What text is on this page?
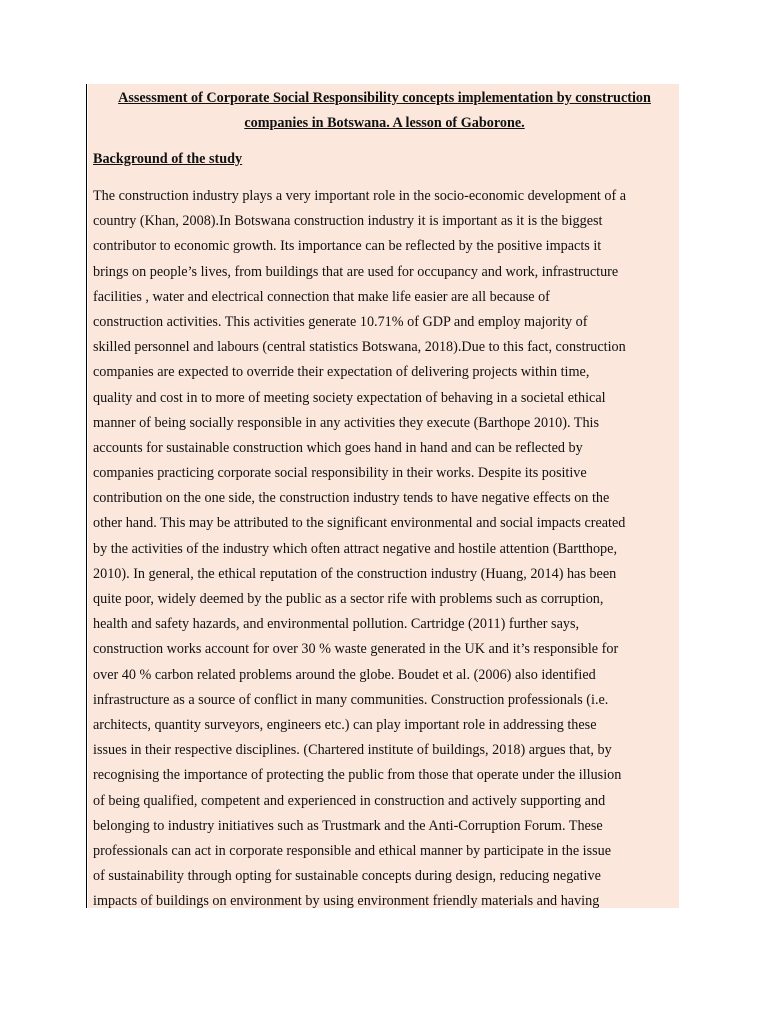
Assessment of Corporate Social Responsibility concepts implementation by construction companies in Botswana. A lesson of Gaborone.

Background of the study

The construction industry plays a very important role in the socio-economic development of a
country (Khan, 2008).In Botswana construction industry it is important as it is the biggest
contributor to economic growth. Its importance can be reflected by the positive impacts it
brings on people’s lives, from buildings that are used for occupancy and work, infrastructure
facilities , water and electrical connection that make life easier are all because of
construction activities. This activities generate 10.71% of GDP and employ majority of
skilled personnel and labours (central statistics Botswana, 2018).Due to this fact, construction
companies are expected to override their expectation of delivering projects within time,
quality and cost in to more of meeting society expectation of behaving in a societal ethical
manner of being socially responsible in any activities they execute (Barthope 2010). This
accounts for sustainable construction which goes hand in hand and can be reflected by
companies practicing corporate social responsibility in their works. Despite its positive
contribution on the one side, the construction industry tends to have negative effects on the
other hand. This may be attributed to the significant environmental and social impacts created
by the activities of the industry which often attract negative and hostile attention (Bartthope,
2010). In general, the ethical reputation of the construction industry (Huang, 2014) has been
quite poor, widely deemed by the public as a sector rife with problems such as corruption,
health and safety hazards, and environmental pollution. Cartridge (2011) further says,
construction works account for over 30 % waste generated in the UK and it’s responsible for
over 40 % carbon related problems around the globe. Boudet et al. (2006) also identified
infrastructure as a source of conflict in many communities. Construction professionals (i.e.
architects, quantity surveyors, engineers etc.) can play important role in addressing these
issues in their respective disciplines. (Chartered institute of buildings, 2018) argues that, by
recognising the importance of protecting the public from those that operate under the illusion
of being qualified, competent and experienced in construction and actively supporting and
belonging to industry initiatives such as Trustmark and the Anti-Corruption Forum. These
professionals can act in corporate responsible and ethical manner by participate in the issue
of sustainability through opting for sustainable concepts during design, reducing negative
impacts of buildings on environment by using environment friendly materials and having
